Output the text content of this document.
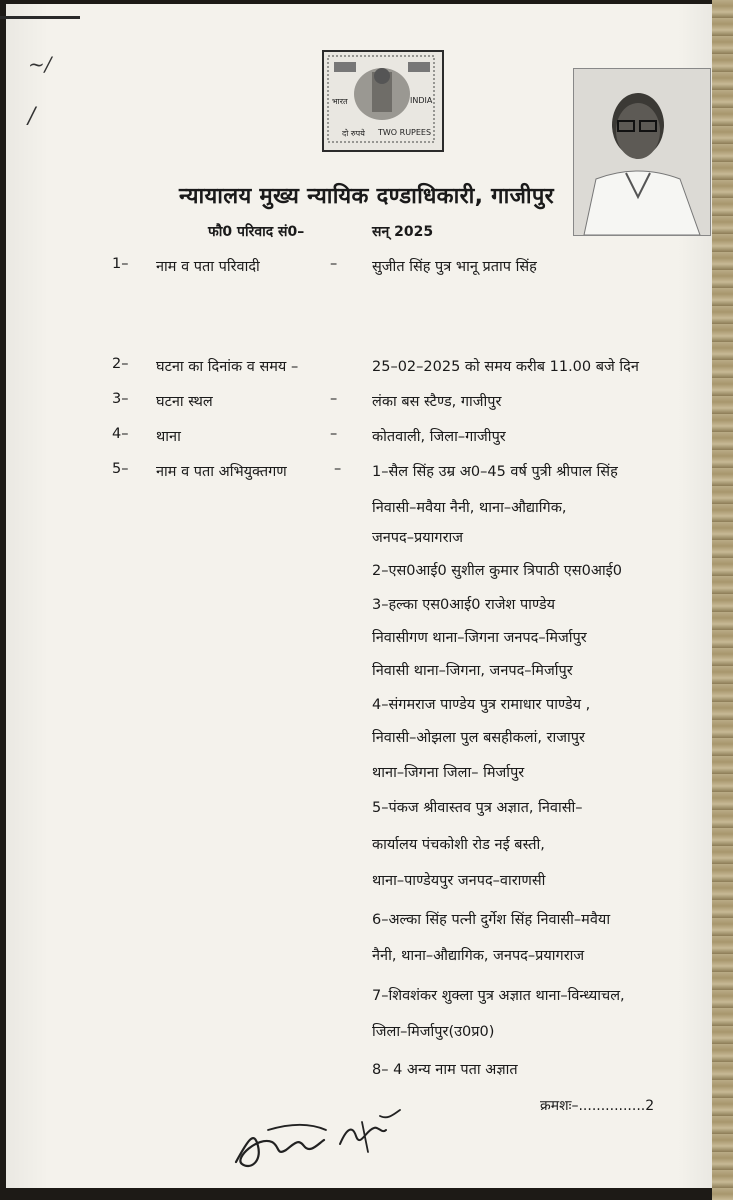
~/
/
भारत	INDIA
दो रुपये TWO RUPEES
न्यायालय मुख्य न्यायिक दण्डाधिकारी, गाजीपुर
फौ0 परिवाद सं0–	सन् 2025
1– नाम व पता परिवादी	– सुजीत सिंह पुत्र भानू प्रताप सिंह
2– घटना का दिनांक व समय –	25–02–2025 को समय करीब 11.00 बजे दिन
3– घटना स्थल	– लंका बस स्टैण्ड, गाजीपुर
4– थाना	– कोतवाली, जिला–गाजीपुर
5– नाम व पता अभियुक्तगण	– 1–सैल सिंह उम्र अ0–45 वर्ष पुत्री श्रीपाल सिंह
निवासी–मवैया नैनी, थाना–औद्यागिक,
जनपद–प्रयागराज
2–एस0आई0 सुशील कुमार त्रिपाठी एस0आई0
3–हल्का एस0आई0 राजेश पाण्डेय
निवासीगण थाना–जिगना जनपद–मिर्जापुर
निवासी थाना–जिगना, जनपद–मिर्जापुर
4–संगमराज पाण्डेय पुत्र रामाधार पाण्डेय ,
निवासी–ओझला पुल बसहीकलां, राजापुर
थाना–जिगना जिला– मिर्जापुर
5–पंकज श्रीवास्तव पुत्र अज्ञात, निवासी–
कार्यालय पंचकोशी रोड नई बस्ती,
थाना–पाण्डेयपुर जनपद–वाराणसी
6–अल्का सिंह पत्नी दुर्गेश सिंह निवासी–मवैया
नैनी, थाना–औद्यागिक, जनपद–प्रयागराज
7–शिवशंकर शुक्ला पुत्र अज्ञात थाना–विन्ध्याचल,
जिला–मिर्जापुर(उ0प्र0)
8– 4 अन्य नाम पता अज्ञात
क्रमशः–...............2
